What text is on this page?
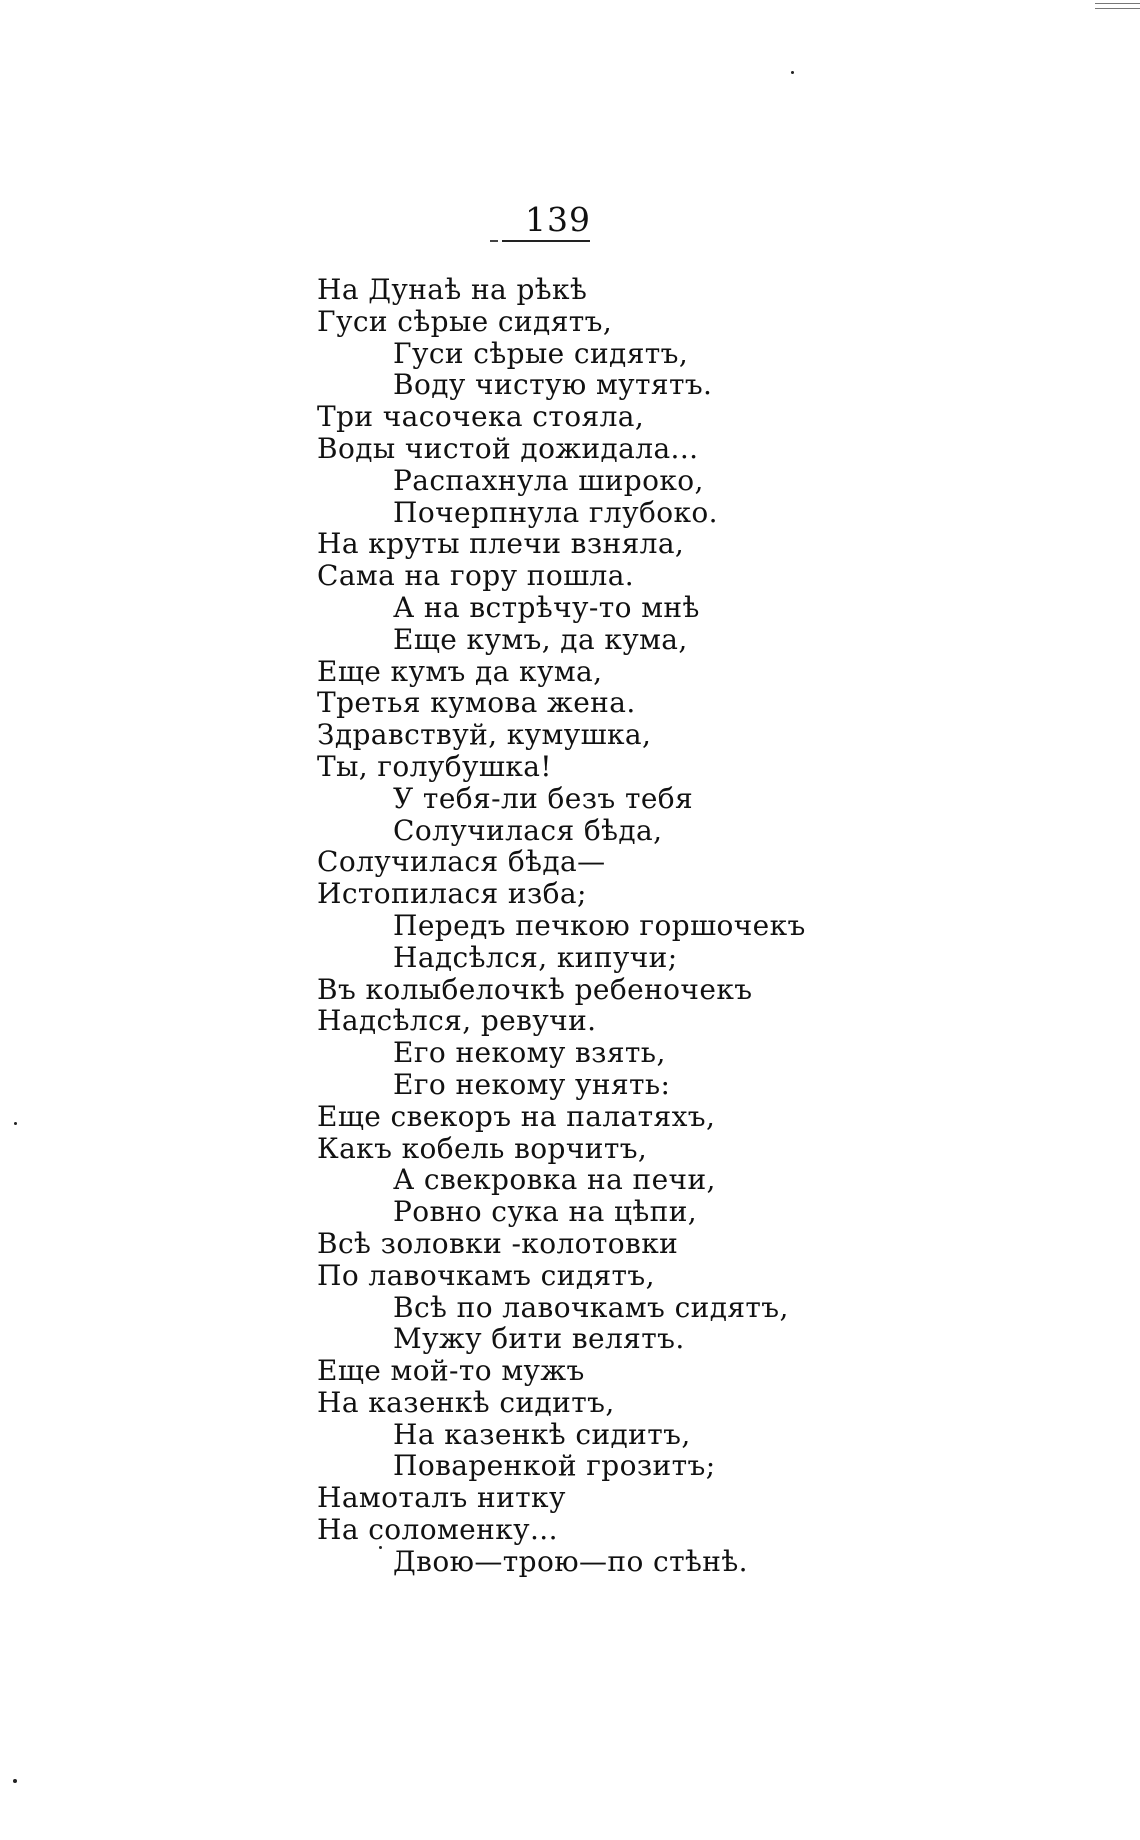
139
На Дунаѣ на рѣкѣ
Гуси сѣрые сидятъ,
Гуси сѣрые сидятъ,
Воду чистую мутятъ.
Три часочека стояла,
Воды чистой дожидала...
Распахнула широко,
Почерпнула глубоко.
На круты плечи взняла,
Сама на гору пошла.
А на встрѣчу-то мнѣ
Еще кумъ, да кума,
Еще кумъ да кума,
Третья кумова жена.
Здравствуй, кумушка,
Ты, голубушка!
У тебя-ли безъ тебя
Солучилася бѣда,
Солучилася бѣда—
Истопилася изба;
Передъ печкою горшочекъ
Надсѣлся, кипучи;
Въ колыбелочкѣ ребеночекъ
Надсѣлся, ревучи.
Его некому взять,
Его некому унять:
Еще свекоръ на палатяхъ,
Какъ кобель ворчитъ,
А свекровка на печи,
Ровно сука на цѣпи,
Всѣ золовки -колотовки
По лавочкамъ сидятъ,
Всѣ по лавочкамъ сидятъ,
Мужу бити велятъ.
Еще мой-то мужъ
На казенкѣ сидитъ,
На казенкѣ сидитъ,
Поваренкой грозитъ;
Намоталъ нитку
На соломенку...
Двою—трою—по стѣнѣ.
